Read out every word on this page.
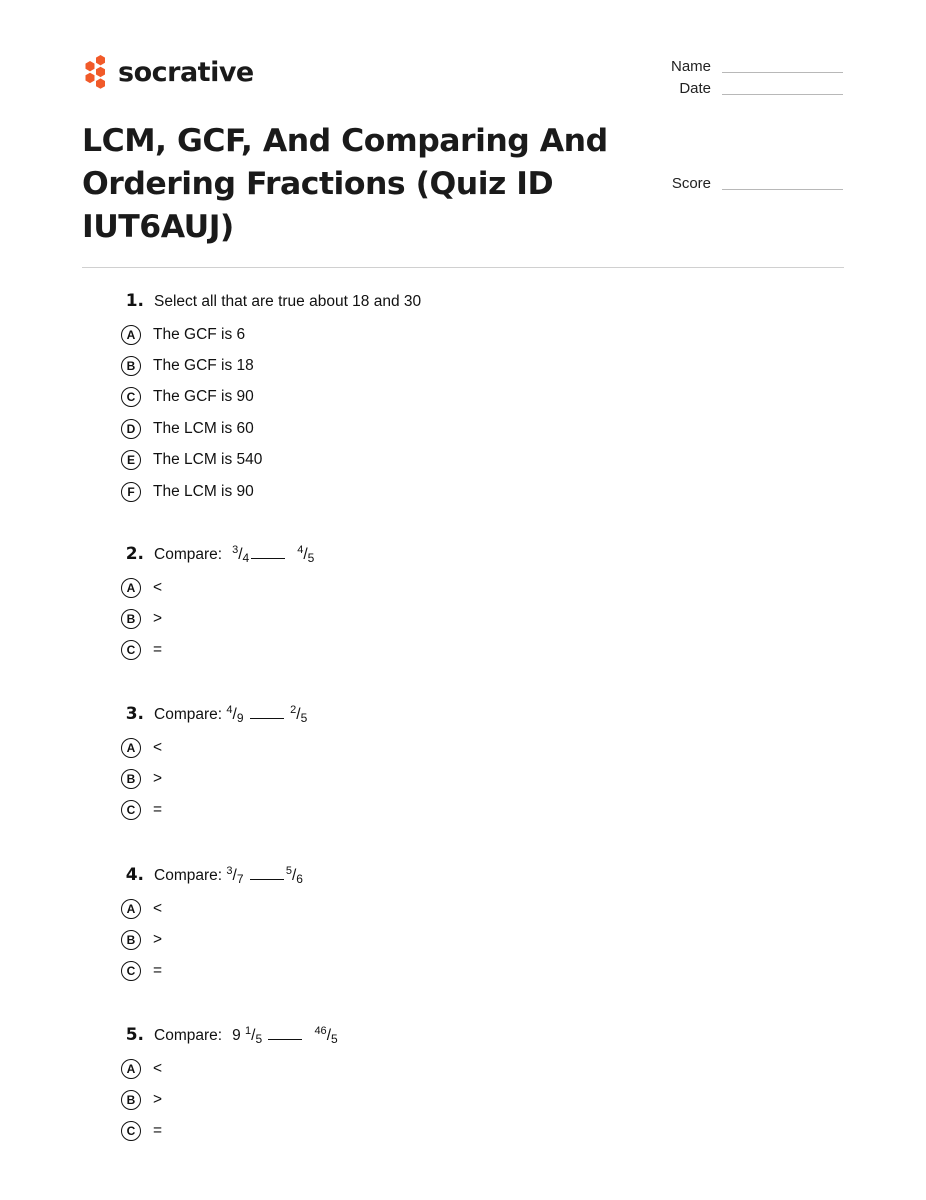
socrative	Name
Date
Score
LCM, GCF, And Comparing And Ordering Fractions (Quiz ID IUT6AUJ)
1. Select all that are true about 18 and 30
A	The GCF is 6
B	The GCF is 18
C	The GCF is 90
D	The LCM is 60
E	The LCM is 540
F	The LCM is 90
2. Compare: $^3/_4^4/_5$
A	<
B	>
C	=
3. Compare: $^4/_9$  $^2/_5$
A	<
B	>
C	=
4. Compare: $^3/_7$ $^5/_6$
A	<
B	>
C	=
5. Compare: 9 $^1/_5$ $^{46}/_5$
A	<
B	>
C	=
